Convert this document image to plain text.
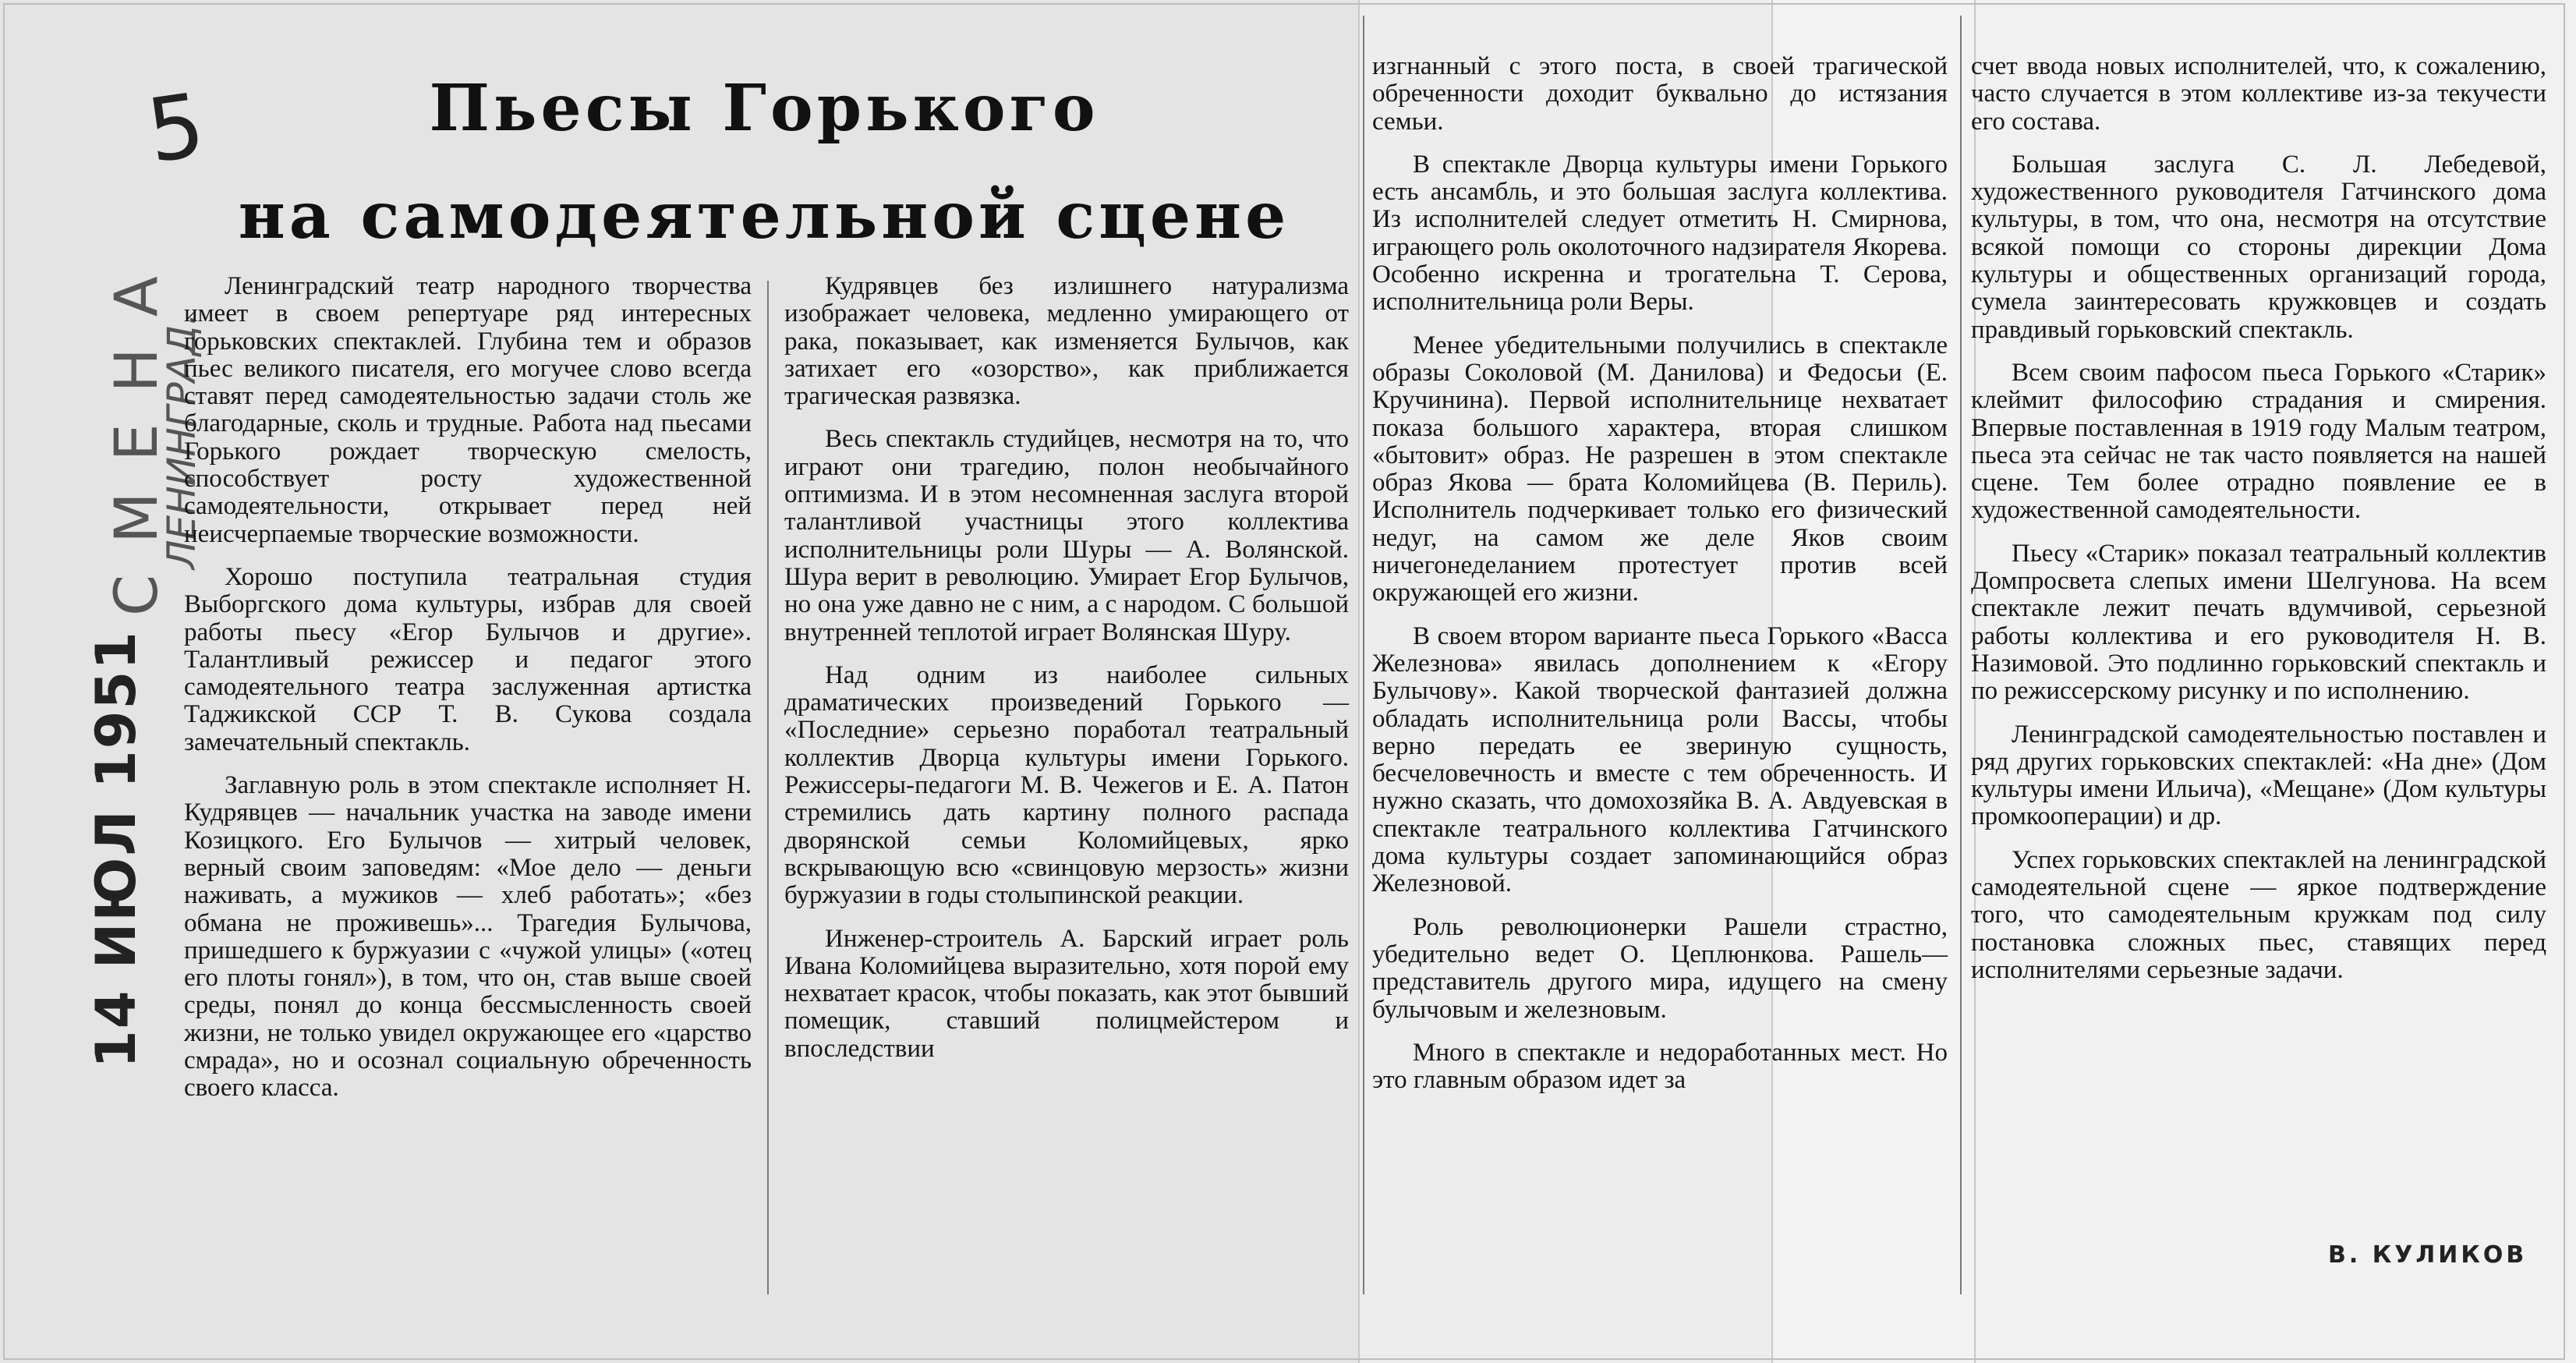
5
СМЕНА
ЛЕНИНГРАД.
14 ИЮЛ 1951
Пьесы Горького
на самодеятельной сцене

Ленинградский театр народного творчества имеет в своем репертуаре ряд интересных горьковских спектаклей. Глубина тем и образов пьес великого писателя, его могучее слово всегда ставят перед самодеятельностью задачи столь же благодарные, сколь и трудные. Работа над пьесами Горького рождает творческую смелость, способствует росту художественной самодеятельности, открывает перед ней неисчерпаемые творческие возможности.

Хорошо поступила театральная студия Выборгского дома культуры, избрав для своей работы пьесу «Егор Булычов и другие». Талантливый режиссер и педагог этого самодеятельного театра заслуженная артистка Таджикской ССР Т. В. Сукова создала замечательный спектакль.

Заглавную роль в этом спектакле исполняет Н. Кудрявцев — начальник участка на заводе имени Козицкого. Его Булычов — хитрый человек, верный своим заповедям: «Мое дело — деньги наживать, а мужиков — хлеб работать»; «без обмана не проживешь»... Трагедия Булычова, пришедшего к буржуазии с «чужой улицы» («отец его плоты гонял»), в том, что он, став выше своей среды, понял до конца бессмысленность своей жизни, не только увидел окружающее его «царство смрада», но и осознал социальную обреченность своего класса.

Кудрявцев без излишнего натурализма изображает человека, медленно умирающего от рака, показывает, как изменяется Булычов, как затихает его «озорство», как приближается трагическая развязка.

Весь спектакль студийцев, несмотря на то, что играют они трагедию, полон необычайного оптимизма. И в этом несомненная заслуга второй талантливой участницы этого коллектива исполнительницы роли Шуры — А. Волянской. Шура верит в революцию. Умирает Егор Булычов, но она уже давно не с ним, а с народом. С большой внутренней теплотой играет Волянская Шуру.

Над одним из наиболее сильных драматических произведений Горького — «Последние» серьезно поработал театральный коллектив Дворца культуры имени Горького. Режиссеры-педагоги М. В. Чежегов и Е. А. Патон стремились дать картину полного распада дворянской семьи Коломийцевых, ярко вскрывающую всю «свинцовую мерзость» жизни буржуазии в годы столыпинской реакции.

Инженер-строитель А. Барский играет роль Ивана Коломийцева выразительно, хотя порой ему нехватает красок, чтобы показать, как этот бывший помещик, ставший полицмейстером и впоследствии

изгнанный с этого поста, в своей трагической обреченности доходит буквально до истязания семьи.

В спектакле Дворца культуры имени Горького есть ансамбль, и это большая заслуга коллектива. Из исполнителей следует отметить Н. Смирнова, играющего роль околоточного надзирателя Якорева. Особенно искренна и трогательна Т. Серова, исполнительница роли Веры.

Менее убедительными получились в спектакле образы Соколовой (М. Данилова) и Федосьи (Е. Кручинина). Первой исполнительнице нехватает показа большого характера, вторая слишком «бытовит» образ. Не разрешен в этом спектакле образ Якова — брата Коломийцева (В. Периль). Исполнитель подчеркивает только его физический недуг, на самом же деле Яков своим ничегонеделанием протестует против всей окружающей его жизни.

В своем втором варианте пьеса Горького «Васса Железнова» явилась дополнением к «Егору Булычову». Какой творческой фантазией должна обладать исполнительница роли Вассы, чтобы верно передать ее звериную сущность, бесчеловечность и вместе с тем обреченность. И нужно сказать, что домохозяйка В. А. Авдуевская в спектакле театрального коллектива Гатчинского дома культуры создает запоминающийся образ Железновой.

Роль революционерки Рашели страстно, убедительно ведет О. Цеплюнкова. Рашель—представитель другого мира, идущего на смену булычовым и железновым.

Много в спектакле и недоработанных мест. Но это главным образом идет за

счет ввода новых исполнителей, что, к сожалению, часто случается в этом коллективе из-за текучести его состава.

Большая заслуга С. Л. Лебедевой, художественного руководителя Гатчинского дома культуры, в том, что она, несмотря на отсутствие всякой помощи со стороны дирекции Дома культуры и общественных организаций города, сумела заинтересовать кружковцев и создать правдивый горьковский спектакль.

Всем своим пафосом пьеса Горького «Старик» клеймит философию страдания и смирения. Впервые поставленная в 1919 году Малым театром, пьеса эта сейчас не так часто появляется на нашей сцене. Тем более отрадно появление ее в художественной самодеятельности.

Пьесу «Старик» показал театральный коллектив Домпросвета слепых имени Шелгунова. На всем спектакле лежит печать вдумчивой, серьезной работы коллектива и его руководителя Н. В. Назимовой. Это подлинно горьковский спектакль и по режиссерскому рисунку и по исполнению.

Ленинградской самодеятельностью поставлен и ряд других горьковских спектаклей: «На дне» (Дом культуры имени Ильича), «Мещане» (Дом культуры промкооперации) и др.

Успех горьковских спектаклей на ленинградской самодеятельной сцене — яркое подтверждение того, что самодеятельным кружкам под силу постановка сложных пьес, ставящих перед исполнителями серьезные задачи.

В. КУЛИКОВ
